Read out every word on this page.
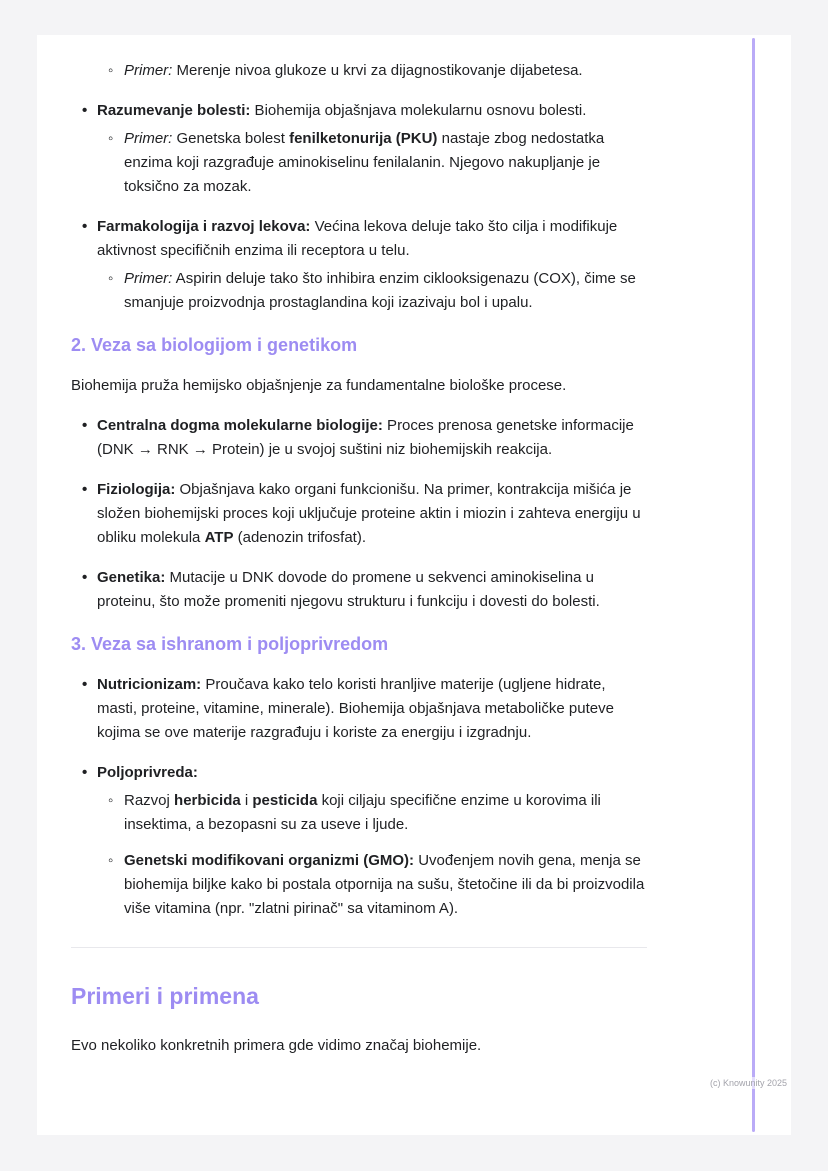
◦ Primer: Merenje nivoa glukoze u krvi za dijagnostikovanje dijabetesa.
• Razumevanje bolesti: Biohemija objašnjava molekularnu osnovu bolesti.
◦ Primer: Genetska bolest fenilketonurija (PKU) nastaje zbog nedostatka enzima koji razgrađuje aminokiselinu fenilalanin. Njegovo nakupljanje je toksično za mozak.
• Farmakologija i razvoj lekova: Većina lekova deluje tako što cilja i modifikuje aktivnost specifičnih enzima ili receptora u telu.
◦ Primer: Aspirin deluje tako što inhibira enzim ciklooksigenazu (COX), čime se smanjuje proizvodnja prostaglandina koji izazivaju bol i upalu.
2. Veza sa biologijom i genetikom

Biohemija pruža hemijsko objašnjenje za fundamentalne biološke procese.

• Centralna dogma molekularne biologije: Proces prenosa genetske informacije (DNK → RNK → Protein) je u svojoj suštini niz biohemijskih reakcija.
• Fiziologija: Objašnjava kako organi funkcionišu. Na primer, kontrakcija mišića je složen biohemijski proces koji uključuje proteine aktin i miozin i zahteva energiju u obliku molekula ATP (adenozin trifosfat).
• Genetika: Mutacije u DNK dovode do promene u sekvenci aminokiselina u proteinu, što može promeniti njegovu strukturu i funkciju i dovesti do bolesti.
3. Veza sa ishranom i poljoprivredom
• Nutricionizam: Proučava kako telo koristi hranljive materije (ugljene hidrate, masti, proteine, vitamine, minerale). Biohemija objašnjava metaboličke puteve kojima se ove materije razgrađuju i koriste za energiju i izgradnju.
• Poljoprivreda:
◦ Razvoj herbicida i pesticida koji ciljaju specifične enzime u korovima ili insektima, a bezopasni su za useve i ljude.
◦ Genetski modifikovani organizmi (GMO): Uvođenjem novih gena, menja se biohemija biljke kako bi postala otpornija na sušu, štetočine ili da bi proizvodila više vitamina (npr. "zlatni pirinač" sa vitaminom A).
Primeri i primena

Evo nekoliko konkretnih primera gde vidimo značaj biohemije.

(c) Knowunity 2025
